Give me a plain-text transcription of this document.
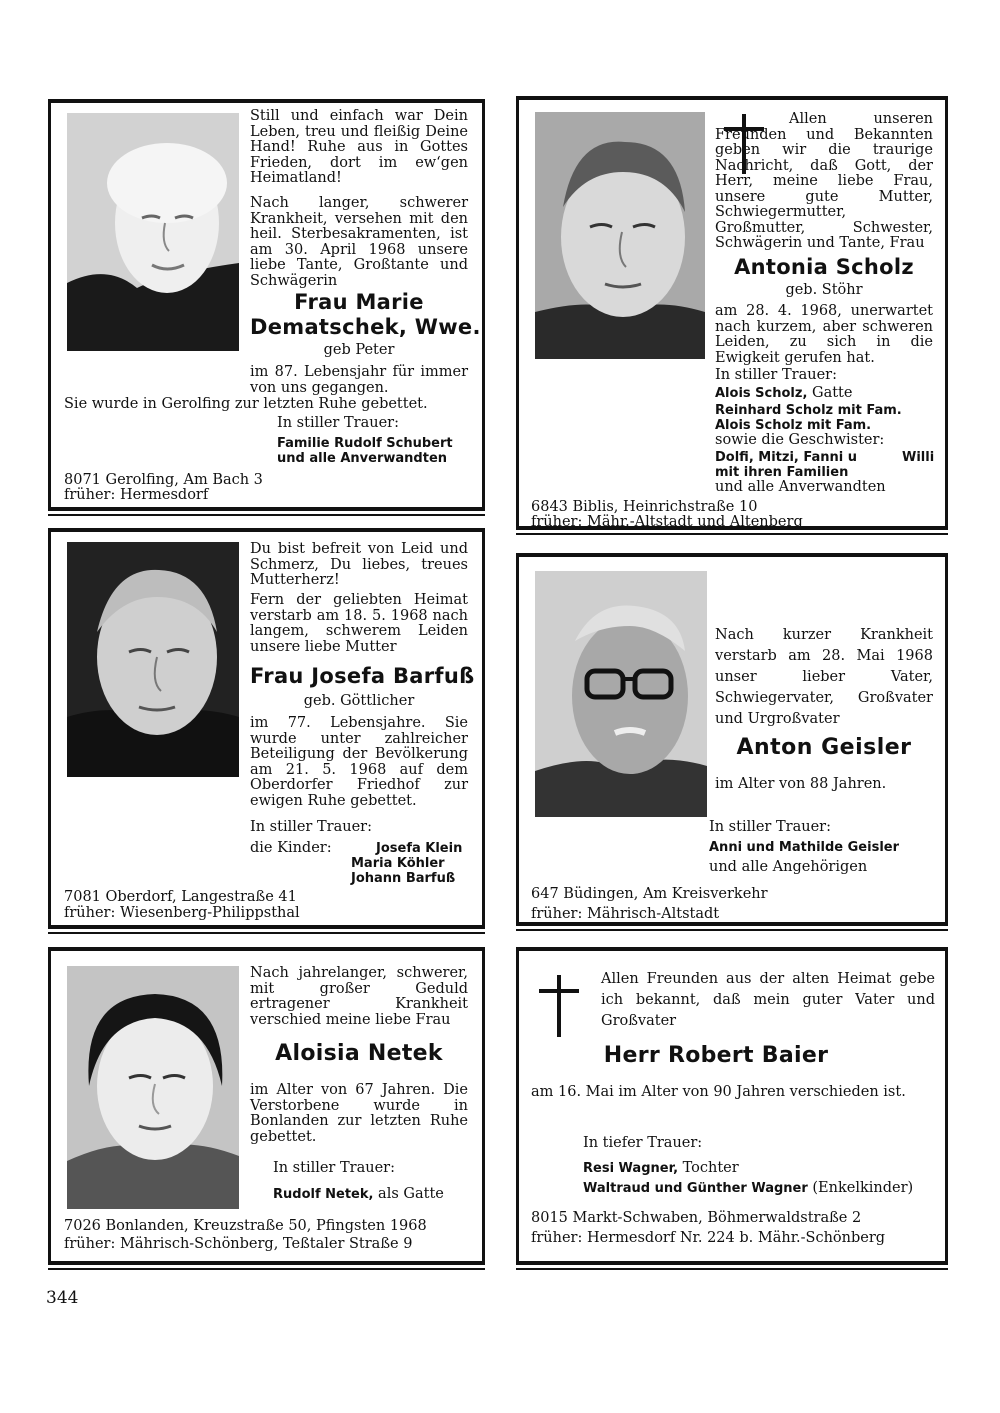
Still und einfach war Dein Leben, treu und fleißig Deine Hand! Ruhe aus in Gottes Frieden, dort im ew‘gen Heimatland!
Nach langer, schwerer Krankheit, versehen mit den heil. Sterbesakramenten, ist am 30. April 1968 unsere liebe Tante, Großtante und Schwägerin
Frau Marie
Dematschek, Wwe.
geb Peter
im 87. Lebensjahr für immer von uns gegangen.
Sie wurde in Gerolfing zur letzten Ruhe gebettet.
In stiller Trauer:
Familie Rudolf Schubert
und alle Anverwandten
8071 Gerolfing, Am Bach 3
früher: Hermesdorf
Allen unseren Freunden und Bekannten geben wir die traurige Nachricht, daß Gott, der Herr, meine liebe Frau, unsere gute Mutter, Schwiegermutter, Großmutter, Schwester, Schwägerin und Tante, Frau
Antonia Scholz
geb. Stöhr
am 28. 4. 1968, unerwartet nach kurzem, aber schweren Leiden, zu sich in die Ewigkeit gerufen hat.
In stiller Trauer:
Alois Scholz, Gatte
Reinhard Scholz mit Fam.
Alois Scholz mit Fam.
sowie die Geschwister:
Dolfi, Mitzi, Fanni u	Willi
mit ihren Familien
und alle Anverwandten
6843 Biblis, Heinrichstraße 10
früher: Mähr.-Altstadt und Altenberg
Du bist befreit von Leid und Schmerz, Du liebes, treues Mutterherz!
Fern der geliebten Heimat verstarb am 18. 5. 1968 nach langem, schwerem Leiden unsere liebe Mutter
Frau Josefa Barfuß
geb. Göttlicher
im 77. Lebensjahre. Sie wurde unter zahlreicher Beteiligung der Bevölkerung am 21. 5. 1968 auf dem Oberdorfer Friedhof zur ewigen Ruhe gebettet.
In stiller Trauer:
die Kinder:	Josefa Klein
Maria Köhler
Johann Barfuß
7081 Oberdorf, Langestraße 41
früher: Wiesenberg-Philippsthal
Nach kurzer Krankheit verstarb am 28. Mai 1968 unser lieber Vater, Schwiegervater, Großvater und Urgroßvater
Anton Geisler
im Alter von 88 Jahren.
In stiller Trauer:
Anni und Mathilde Geisler
und alle Angehörigen
647 Büdingen, Am Kreisverkehr
früher: Mährisch-Altstadt
Nach jahrelanger, schwerer, mit großer Geduld ertragener Krankheit verschied meine liebe Frau
Aloisia Netek
im Alter von 67 Jahren. Die Verstorbene wurde in Bonlanden zur letzten Ruhe gebettet.
In stiller Trauer:
Rudolf Netek, als Gatte
7026 Bonlanden, Kreuzstraße 50, Pfingsten 1968
früher: Mährisch-Schönberg, Teßtaler Straße 9
Allen Freunden aus der alten Heimat gebe ich bekannt, daß mein guter Vater und Großvater
Herr Robert Baier
am 16. Mai im Alter von 90 Jahren verschieden ist.
In tiefer Trauer:
Resi Wagner, Tochter
Waltraud und Günther Wagner (Enkelkinder)
8015 Markt-Schwaben, Böhmerwaldstraße 2
früher: Hermesdorf Nr. 224 b. Mähr.-Schönberg
344
